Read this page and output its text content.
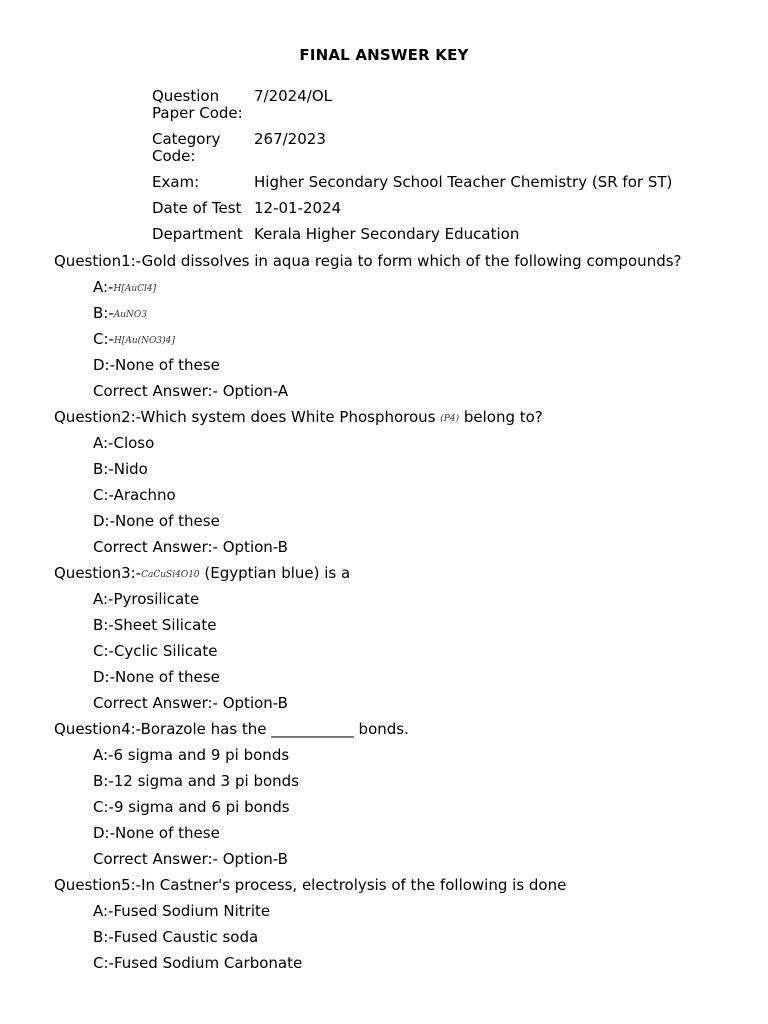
FINAL ANSWER KEY
Question Paper Code:	7/2024/OL
Category Code:	267/2023
Exam:	Higher Secondary School Teacher Chemistry (SR for ST)
Date of Test	12-01-2024
Department	Kerala Higher Secondary Education
Question1:-Gold dissolves in aqua regia to form which of the following compounds?
A:-H[AuCl4]
B:-AuNO3
C:-H[Au(NO3)4]
D:-None of these
Correct Answer:- Option-A
Question2:-Which system does White Phosphorous (P4) belong to?
A:-Closo
B:-Nido
C:-Arachno
D:-None of these
Correct Answer:- Option-B
Question3:-CaCuSi4O10 (Egyptian blue) is a
A:-Pyrosilicate
B:-Sheet Silicate
C:-Cyclic Silicate
D:-None of these
Correct Answer:- Option-B
Question4:-Borazole has the ___________ bonds.
A:-6 sigma and 9 pi bonds
B:-12 sigma and 3 pi bonds
C:-9 sigma and 6 pi bonds
D:-None of these
Correct Answer:- Option-B
Question5:-In Castner's process, electrolysis of the following is done
A:-Fused Sodium Nitrite
B:-Fused Caustic soda
C:-Fused Sodium Carbonate
